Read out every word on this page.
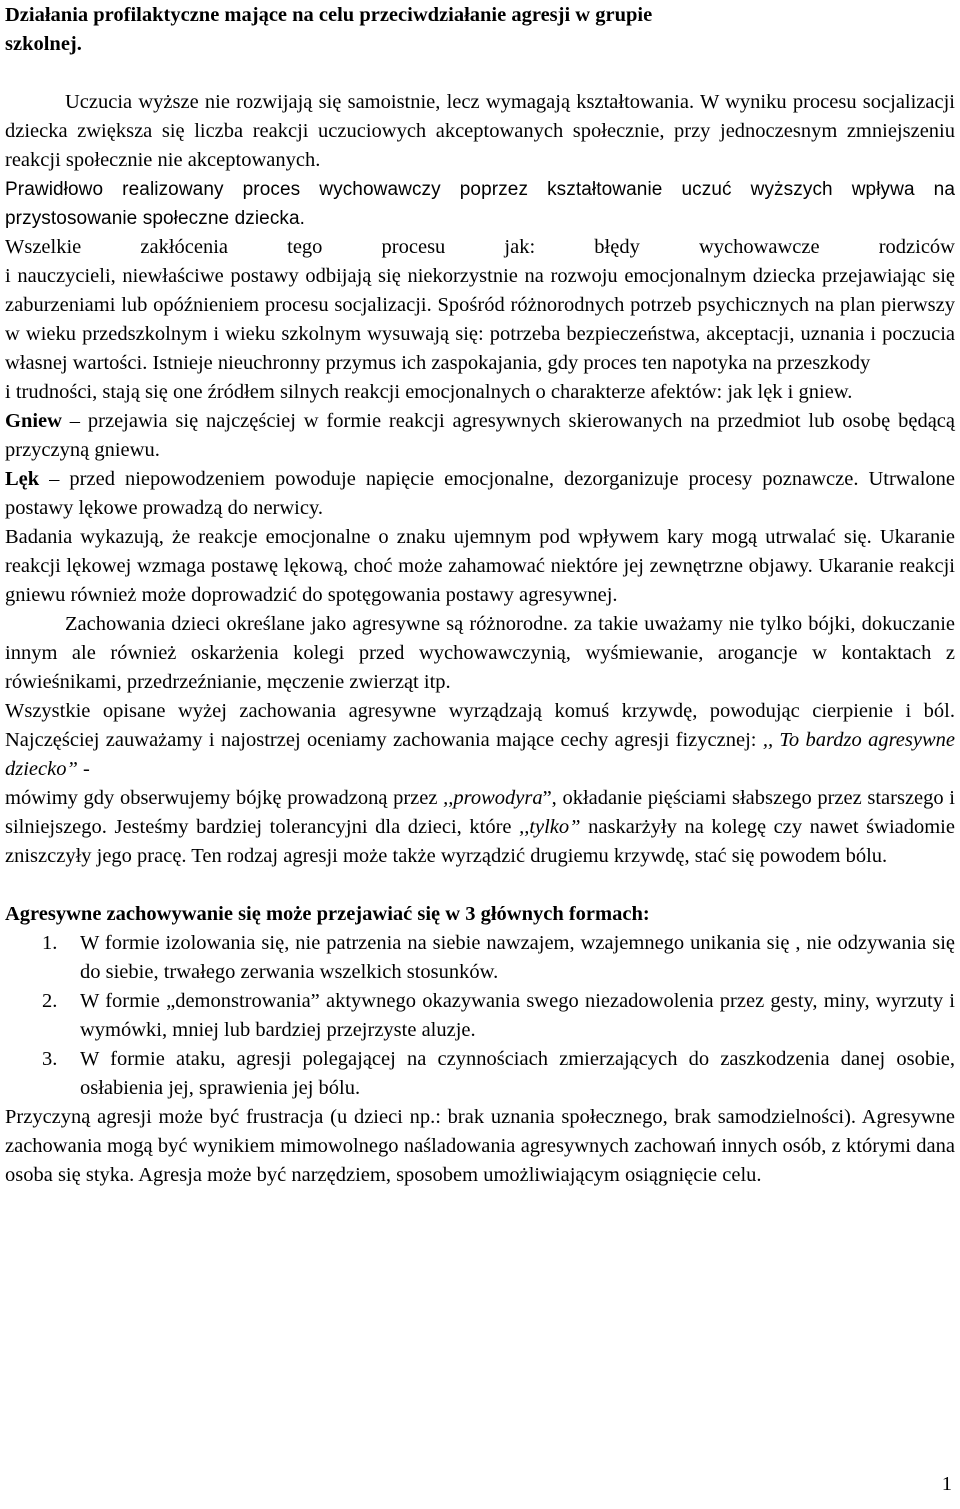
Działania profilaktyczne mające na celu przeciwdziałanie agresji w grupie szkolnej.

Uczucia wyższe nie rozwijają się samoistnie, lecz wymagają kształtowania. W wyniku procesu socjalizacji dziecka zwiększa się liczba reakcji uczuciowych akceptowanych społecznie, przy jednoczesnym zmniejszeniu reakcji społecznie nie akceptowanych.

Prawidłowo realizowany proces wychowawczy poprzez kształtowanie uczuć wyższych wpływa na przystosowanie społeczne dziecka.

Wszelkie zakłócenia tego procesu jak: błędy wychowawcze rodziców

i nauczycieli, niewłaściwe postawy odbijają się niekorzystnie na rozwoju emocjonalnym dziecka przejawiając się zaburzeniami lub opóźnieniem procesu socjalizacji. Spośród różnorodnych potrzeb psychicznych na plan pierwszy w wieku przedszkolnym i wieku szkolnym wysuwają się: potrzeba bezpieczeństwa, akceptacji, uznania i poczucia własnej wartości. Istnieje nieuchronny przymus ich zaspokajania, gdy proces ten napotyka na przeszkody

i trudności, stają się one źródłem silnych reakcji emocjonalnych o charakterze afektów: jak lęk i gniew.

Gniew – przejawia się najczęściej w formie reakcji agresywnych skierowanych na przedmiot lub osobę będącą przyczyną gniewu.

Lęk – przed niepowodzeniem powoduje napięcie emocjonalne, dezorganizuje procesy poznawcze. Utrwalone postawy lękowe prowadzą do nerwicy.

Badania wykazują, że reakcje emocjonalne o znaku ujemnym pod wpływem kary mogą utrwalać się. Ukaranie reakcji lękowej wzmaga postawę lękową, choć może zahamować niektóre jej zewnętrzne objawy. Ukaranie reakcji gniewu również może doprowadzić do spotęgowania postawy agresywnej.

Zachowania dzieci określane jako agresywne są różnorodne. za takie uważamy nie tylko bójki, dokuczanie innym ale również oskarżenia kolegi przed wychowawczynią, wyśmiewanie, arogancje w kontaktach z rówieśnikami, przedrzeźnianie, męczenie zwierząt itp.

Wszystkie opisane wyżej zachowania agresywne wyrządzają komuś krzywdę, powodując cierpienie i ból. Najczęściej zauważamy i najostrzej oceniamy zachowania mające cechy agresji fizycznej: ,, To bardzo agresywne dziecko” -

mówimy gdy obserwujemy bójkę prowadzoną przez ,,prowodyra”, okładanie pięściami słabszego przez starszego i silniejszego. Jesteśmy bardziej tolerancyjni dla dzieci, które ,,tylko” naskarżyły na kolegę czy nawet świadomie zniszczyły jego pracę. Ten rodzaj agresji może także wyrządzić drugiemu krzywdę, stać się powodem bólu.

Agresywne zachowywanie się może przejawiać się w 3 głównych formach:

1. W formie izolowania się, nie patrzenia na siebie nawzajem, wzajemnego unikania się , nie odzywania się do siebie, trwałego zerwania wszelkich stosunków.
2. W formie „demonstrowania” aktywnego okazywania swego niezadowolenia przez gesty, miny, wyrzuty i wymówki, mniej lub bardziej przejrzyste aluzje.
3. W formie ataku, agresji polegającej na czynnościach zmierzających do zaszkodzenia danej osobie, osłabienia jej, sprawienia jej bólu.

Przyczyną agresji może być frustracja (u dzieci np.: brak uznania społecznego, brak samodzielności). Agresywne zachowania mogą być wynikiem mimowolnego naśladowania agresywnych zachowań innych osób, z którymi dana osoba się styka. Agresja może być narzędziem, sposobem umożliwiającym osiągnięcie celu.

1
